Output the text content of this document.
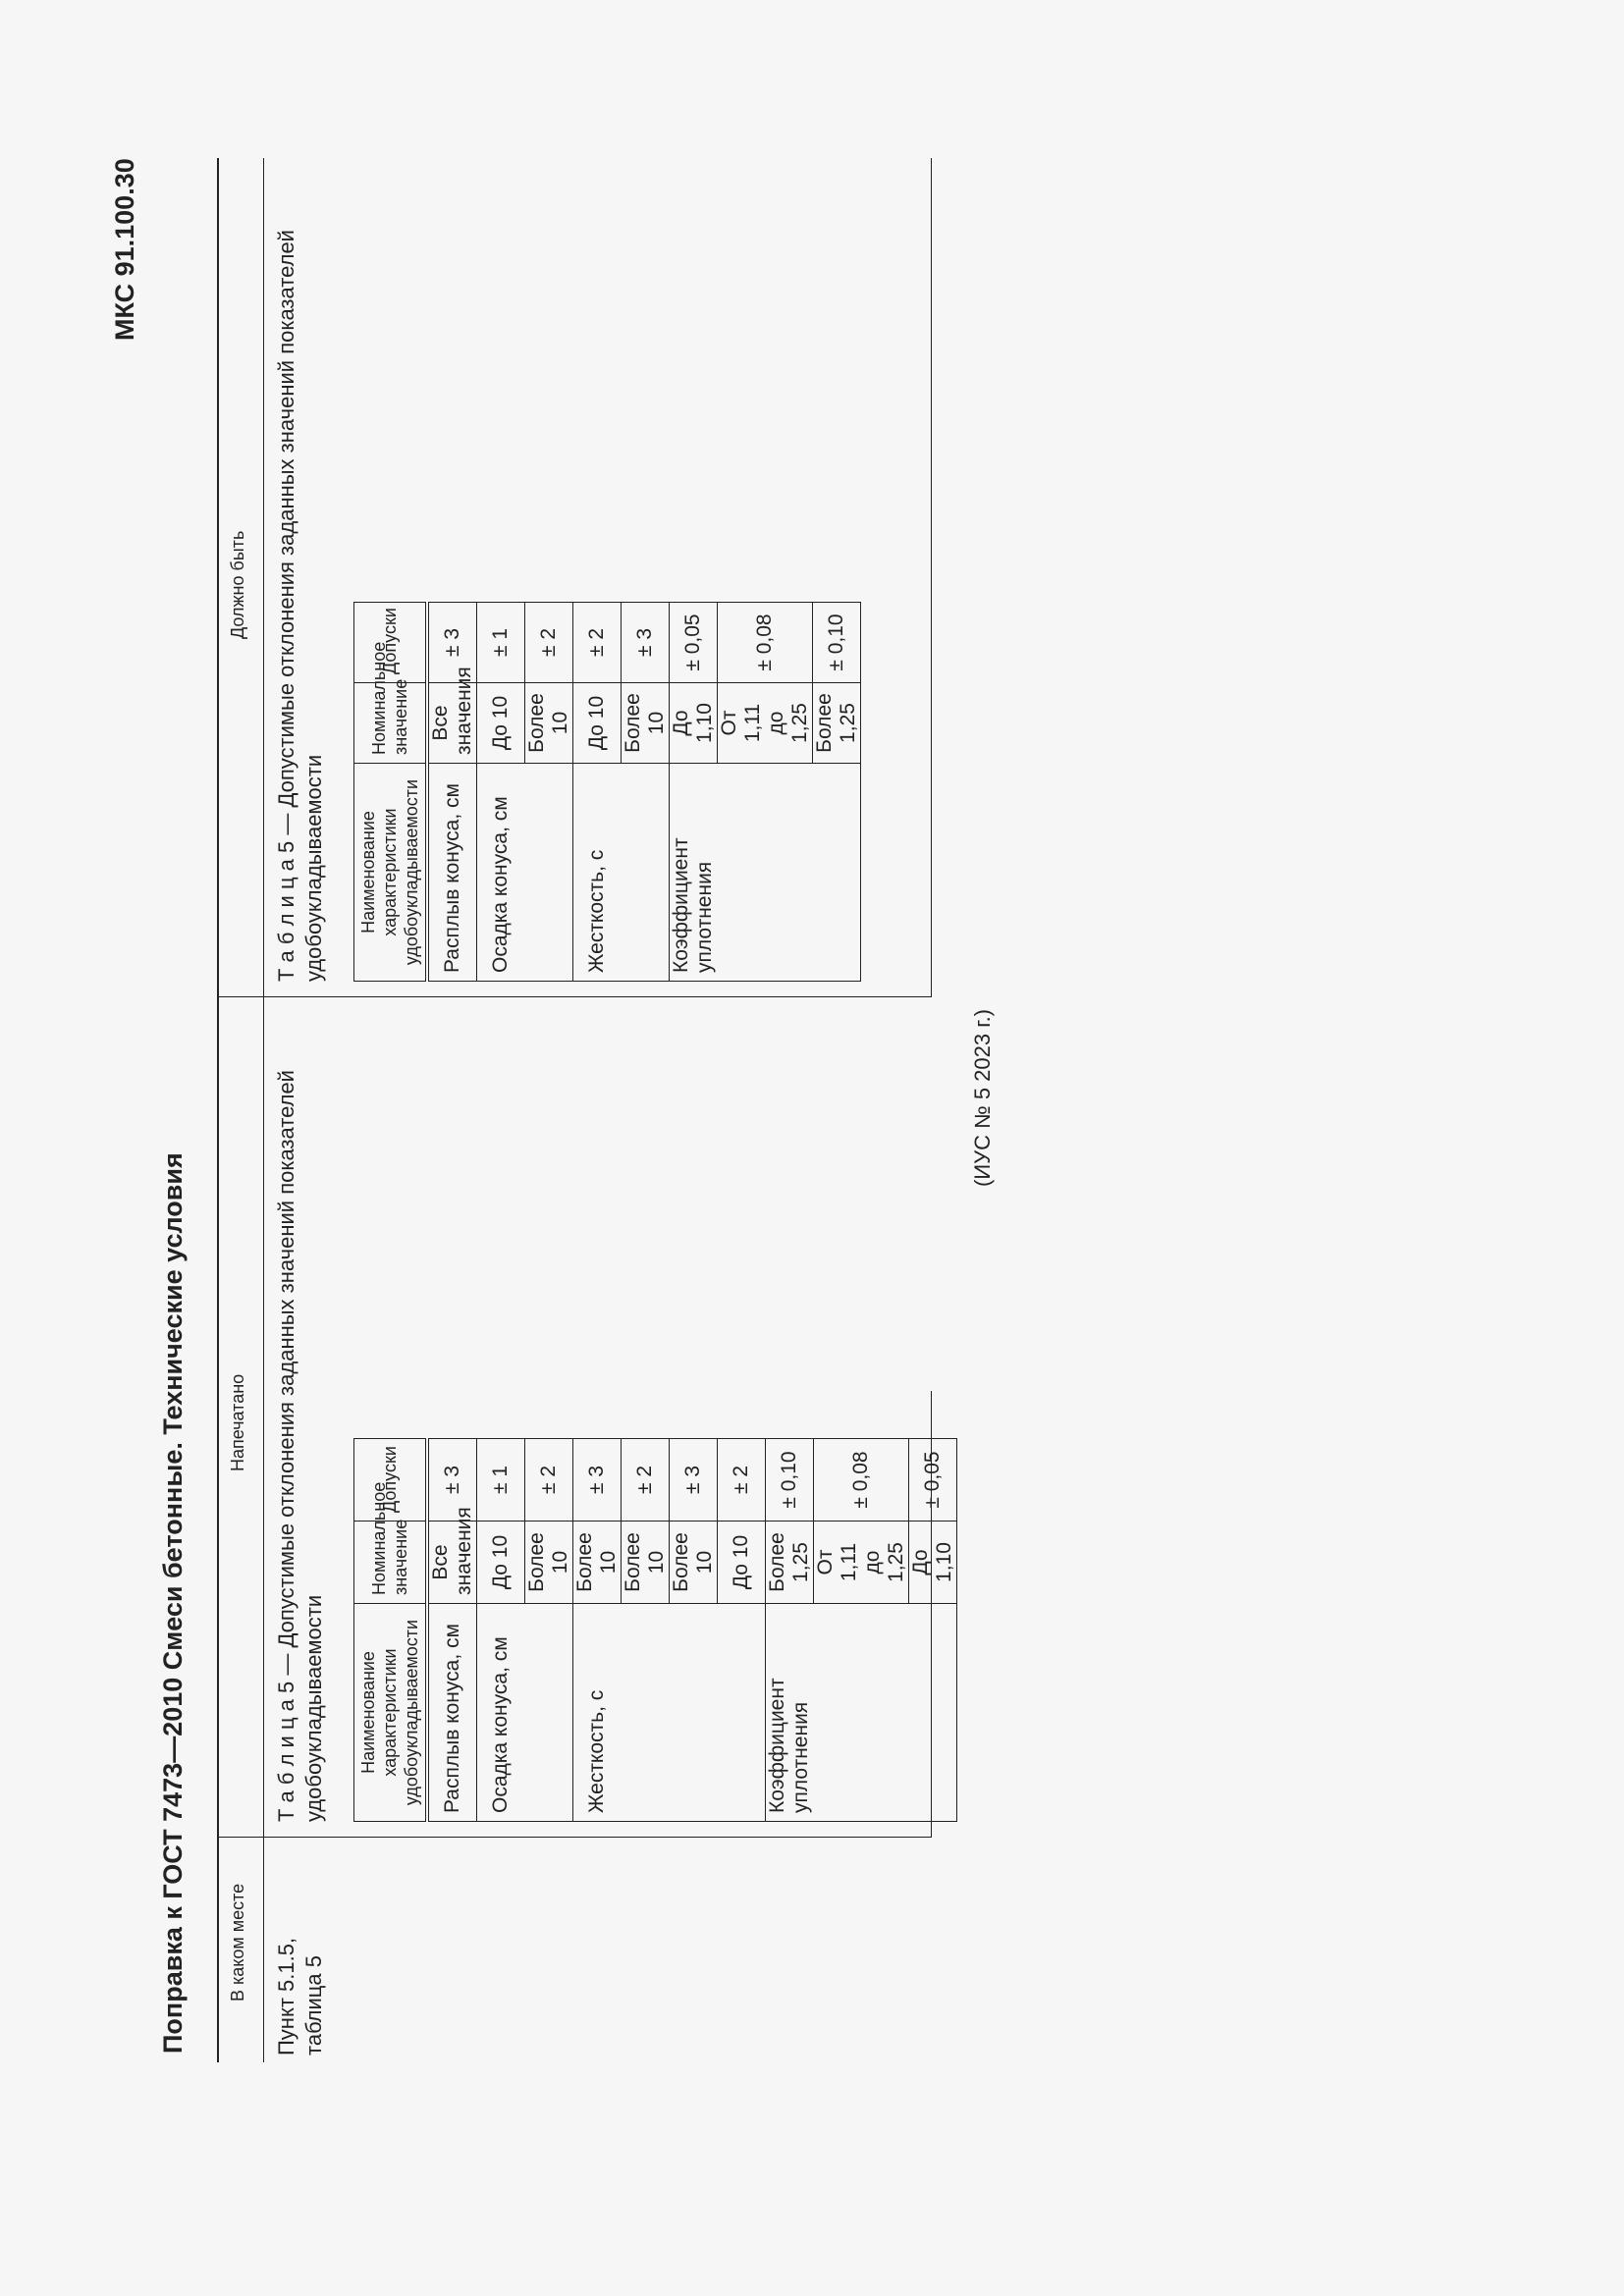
Поправка к ГОСТ 7473—2010 Смеси бетонные. Технические условия
МКС 91.100.30
В каком месте
Напечатано
Должно быть
Пункт 5.1.5, таблица 5
Т а б л и ц а 5 — Допустимые отклонения заданных значений показателей удобоукладываемости
Т а б л и ц а 5 — Допустимые отклонения заданных значений показателей удобоукладываемости
Наименование характеристики удобоукладываемости	Номинальное значение	Допуски
Расплыв конуса, см	Все значения	± 3
Осадка конуса, см	До 10	± 1
	Более 10	± 2
Жесткость, с	Более 10	± 3
	Более 10	± 2
	Более 10	± 3
	До 10	± 2
Коэффициент уплотнения	Более 1,25	± 0,10
	От 1,11 до 1,25	± 0,08
	До 1,10	± 0,05
Наименование характеристики удобоукладываемости	Номинальное значение	Допуски
Расплыв конуса, см	Все значения	± 3
Осадка конуса, см	До 10	± 1
	Более 10	± 2
Жесткость, с	До 10	± 2
	Более 10	± 3
Коэффициент уплотнения	До 1,10	± 0,05
	От 1,11 до 1,25	± 0,08
	Более 1,25	± 0,10
(ИУС № 5 2023 г.)
